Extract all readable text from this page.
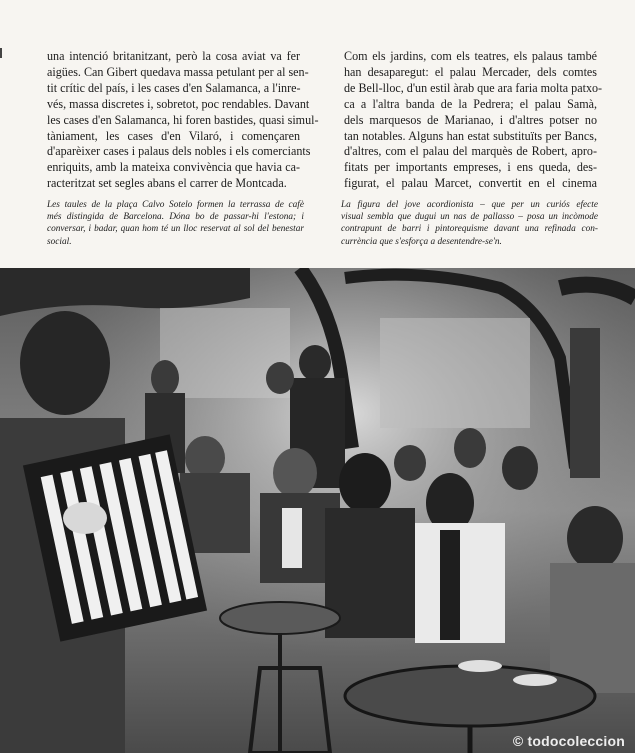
una intenció britanitzant, però la cosa aviat va fer
aigües. Can Gibert quedava massa petulant per al sen-
tit crític del país, i les cases d'en Salamanca, a l'inre-
vés, massa discretes i, sobretot, poc rendables. Davant
les cases d'en Salamanca, hi foren bastides, quasi simul-
tàniament, les cases d'en Vilaró, i començaren
d'aparèixer cases i palaus dels nobles i els comerciants
enriquits, amb la mateixa convivència que havia ca-
racteritzat set segles abans el carrer de Montcada.
Com els jardins, com els teatres, els palaus també
han desaparegut: el palau Mercader, dels comtes
de Bell-lloc, d'un estil àrab que ara faria molta patxo-
ca a l'altra banda de la Pedrera; el palau Samà,
dels marquesos de Marianao, i d'altres potser no
tan notables. Alguns han estat substituïts per Bancs,
d'altres, com el palau del marquès de Robert, apro-
fitats per importants empreses, i ens queda, des-
figurat, el palau Marcet, convertit en el cinema
Les taules de la plaça Calvo Sotelo formen la terrassa de cafè
més distingida de Barcelona. Dóna bo de passar-hi l'estona; i
conversar, i badar, quan hom té un lloc reservat al sol del benestar
social.
La figura del jove acordionista – que per un curiós efecte
visual sembla que dugui un nas de pallasso – posa un incòmode
contrapunt de barri i pintorequisme davant una refinada con-
currència que s'esforça a desentendre-se'n.
© todocoleccion
